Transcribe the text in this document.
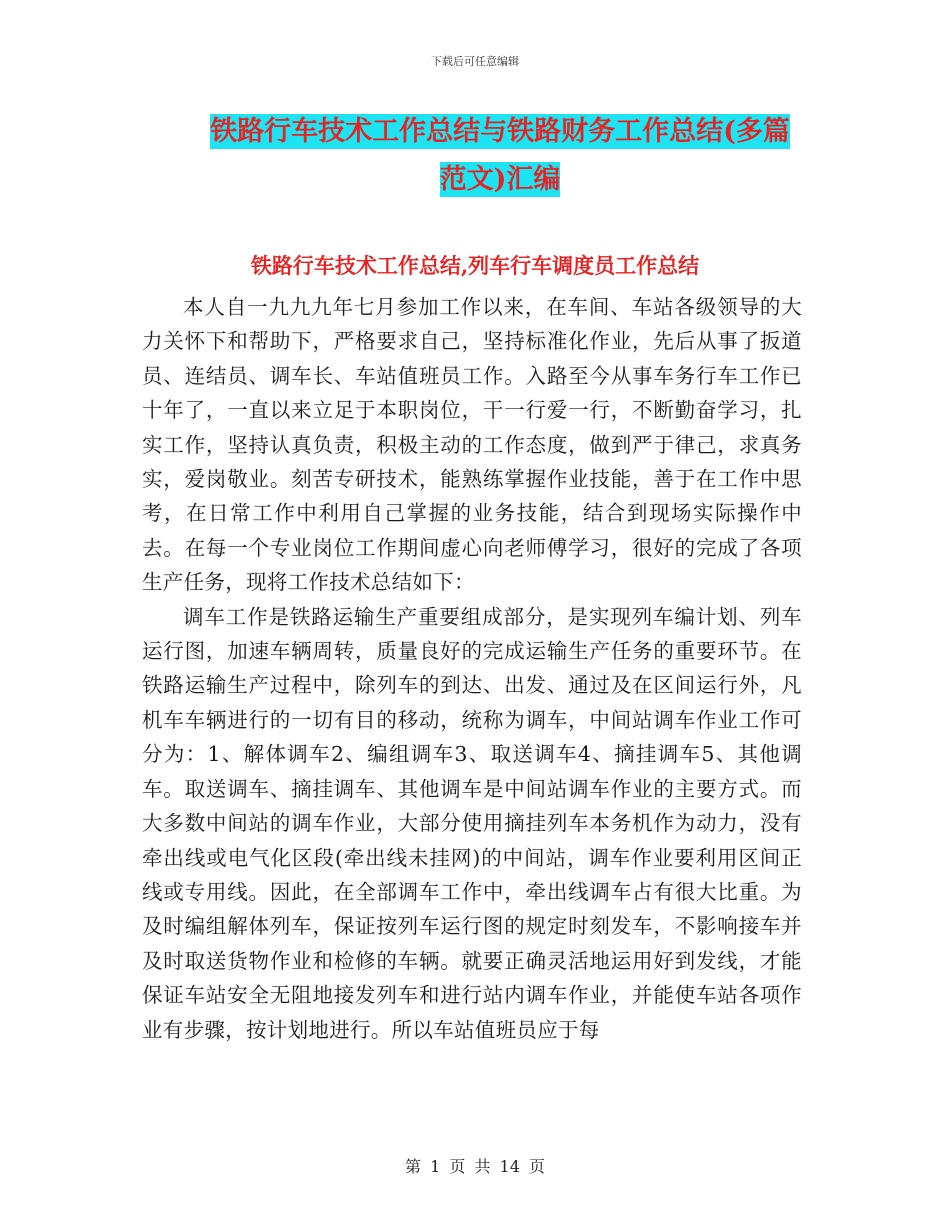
下载后可任意编辑
铁路行车技术工作总结与铁路财务工作总结(多篇范文)汇编
铁路行车技术工作总结,列车行车调度员工作总结

本人自一九九九年七月参加工作以来，在车间、车站各级领导的大力关怀下和帮助下，严格要求自己，坚持标准化作业，先后从事了扳道员、连结员、调车长、车站值班员工作。入路至今从事车务行车工作已十年了，一直以来立足于本职岗位，干一行爱一行，不断勤奋学习，扎实工作，坚持认真负责，积极主动的工作态度，做到严于律己，求真务实，爱岗敬业。刻苦专研技术，能熟练掌握作业技能，善于在工作中思考，在日常工作中利用自己掌握的业务技能，结合到现场实际操作中去。在每一个专业岗位工作期间虚心向老师傅学习，很好的完成了各项生产任务，现将工作技术总结如下：

调车工作是铁路运输生产重要组成部分，是实现列车编计划、列车运行图，加速车辆周转，质量良好的完成运输生产任务的重要环节。在铁路运输生产过程中，除列车的到达、出发、通过及在区间运行外，凡机车车辆进行的一切有目的移动，统称为调车，中间站调车作业工作可分为：1、解体调车2、编组调车3、取送调车4、摘挂调车5、其他调车。取送调车、摘挂调车、其他调车是中间站调车作业的主要方式。而大多数中间站的调车作业，大部分使用摘挂列车本务机作为动力，没有牵出线或电气化区段(牵出线未挂网)的中间站，调车作业要利用区间正线或专用线。因此，在全部调车工作中，牵出线调车占有很大比重。为及时编组解体列车，保证按列车运行图的规定时刻发车，不影响接车并及时取送货物作业和检修的车辆。就要正确灵活地运用好到发线，才能保证车站安全无阻地接发列车和进行站内调车作业，并能使车站各项作业有步骤，按计划地进行。所以车站值班员应于每

第 1 页 共 14 页
